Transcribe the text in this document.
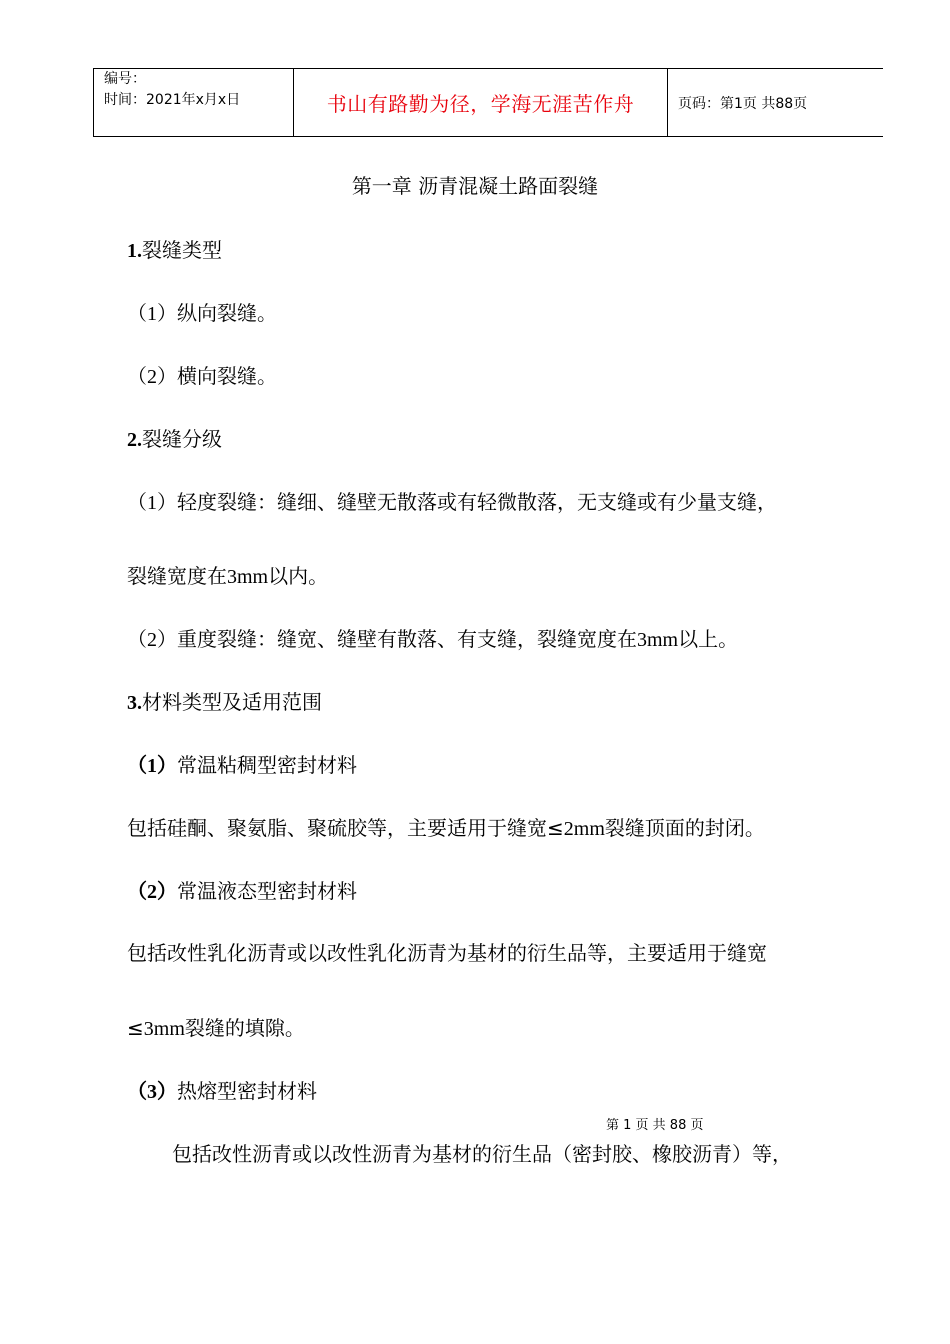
编号：
时间：2021年x月x日	书山有路勤为径，学海无涯苦作舟	页码：第1页 共88页
第一章 沥青混凝土路面裂缝
1.裂缝类型
（1）纵向裂缝。
（2）横向裂缝。
2.裂缝分级
（1）轻度裂缝：缝细、缝壁无散落或有轻微散落，无支缝或有少量支缝，
裂缝宽度在3mm以内。
（2）重度裂缝：缝宽、缝壁有散落、有支缝，裂缝宽度在3mm以上。
3.材料类型及适用范围
（1）常温粘稠型密封材料
包括硅酮、聚氨脂、聚硫胶等，主要适用于缝宽≤2mm裂缝顶面的封闭。
（2）常温液态型密封材料
包括改性乳化沥青或以改性乳化沥青为基材的衍生品等，主要适用于缝宽
≤3mm裂缝的填隙。
（3）热熔型密封材料
第 1 页 共 88 页
包括改性沥青或以改性沥青为基材的衍生品（密封胶、橡胶沥青）等，
